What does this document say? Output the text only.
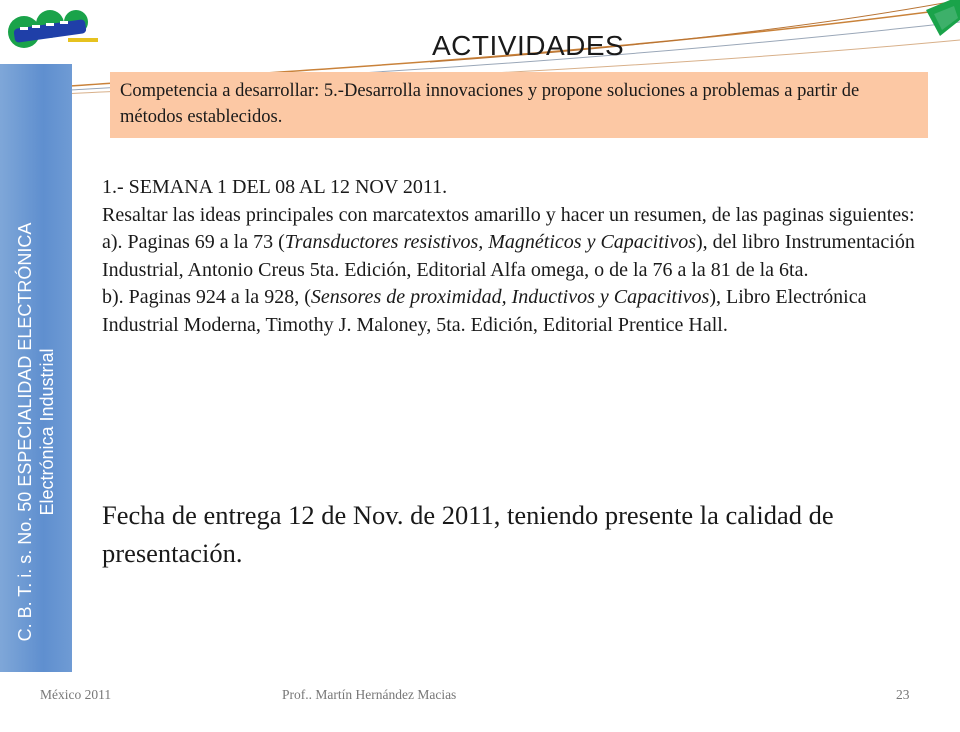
C. B. T. i. s. No. 50 ESPECIALIDAD ELECTRÓNICA Electrónica Industrial
ACTIVIDADES
Competencia a desarrollar: 5.-Desarrolla innovaciones y propone soluciones a problemas a partir de métodos establecidos.

1.- SEMANA 1 DEL 08 AL 12 NOV 2011.

Resaltar las ideas principales con marcatextos amarillo y hacer un resumen, de las paginas siguientes:

a). Paginas 69 a la 73 (Transductores resistivos, Magnéticos y Capacitivos), del libro Instrumentación Industrial, Antonio Creus 5ta. Edición, Editorial Alfa omega, o de la 76 a la 81 de la 6ta.

b). Paginas 924 a la 928, (Sensores de proximidad, Inductivos y Capacitivos), Libro Electrónica Industrial Moderna, Timothy J. Maloney, 5ta. Edición, Editorial Prentice Hall.

Fecha de entrega 12 de Nov. de 2011, teniendo presente la calidad de presentación.
México 2011	Prof.. Martín Hernández Macias	23
